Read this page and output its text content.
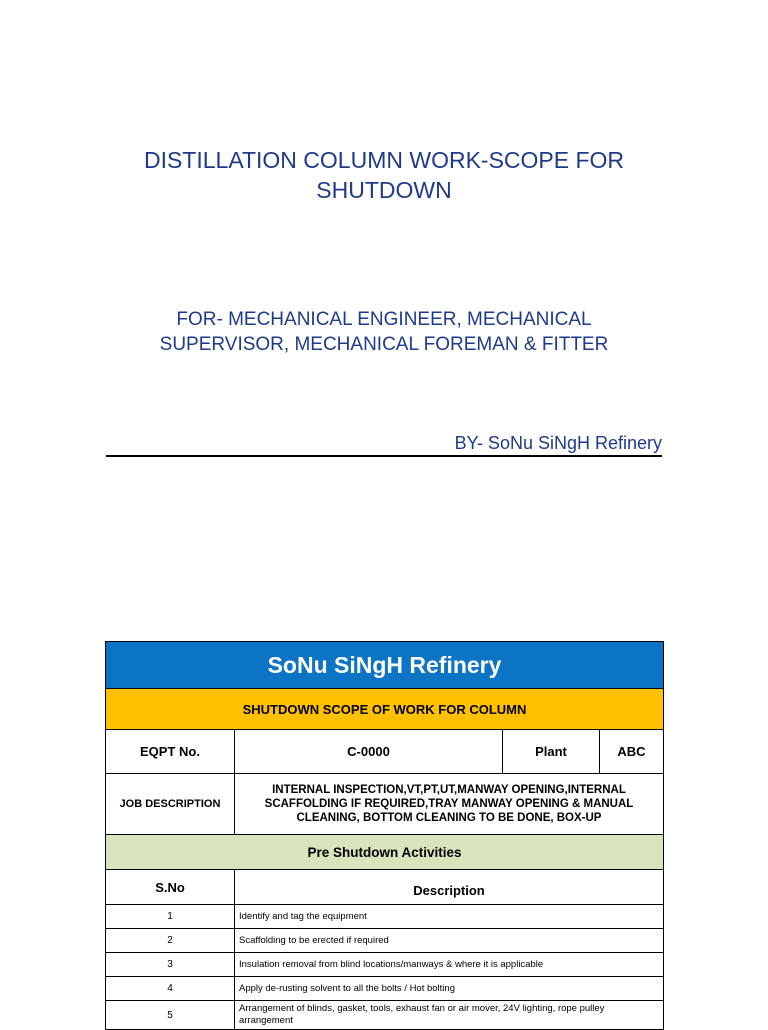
DISTILLATION COLUMN WORK-SCOPE FOR
SHUTDOWN
FOR- MECHANICAL ENGINEER, MECHANICAL
SUPERVISOR, MECHANICAL FOREMAN & FITTER
BY- SoNu SiNgH Refinery
SoNu SiNgH Refinery			
SHUTDOWN SCOPE OF WORK FOR COLUMN			
EQPT No.	C-0000	Plant	ABC
JOB DESCRIPTION	INTERNAL INSPECTION,VT,PT,UT,MANWAY OPENING,INTERNAL
SCAFFOLDING IF REQUIRED,TRAY MANWAY OPENING & MANUAL
CLEANING, BOTTOM CLEANING TO BE DONE, BOX-UP		

Pre Shutdown Activities			
S.No	Description		
1	Identify and tag the equipment		
2	Scaffolding to be erected if required		
3	Insulation removal from blind locations/manways & where it is applicable		
4	Apply de-rusting solvent to all the bolts / Hot bolting		
5	Arrangement of blinds, gasket, tools, exhaust fan or air mover, 24V lighting, rope pulley arrangement		
